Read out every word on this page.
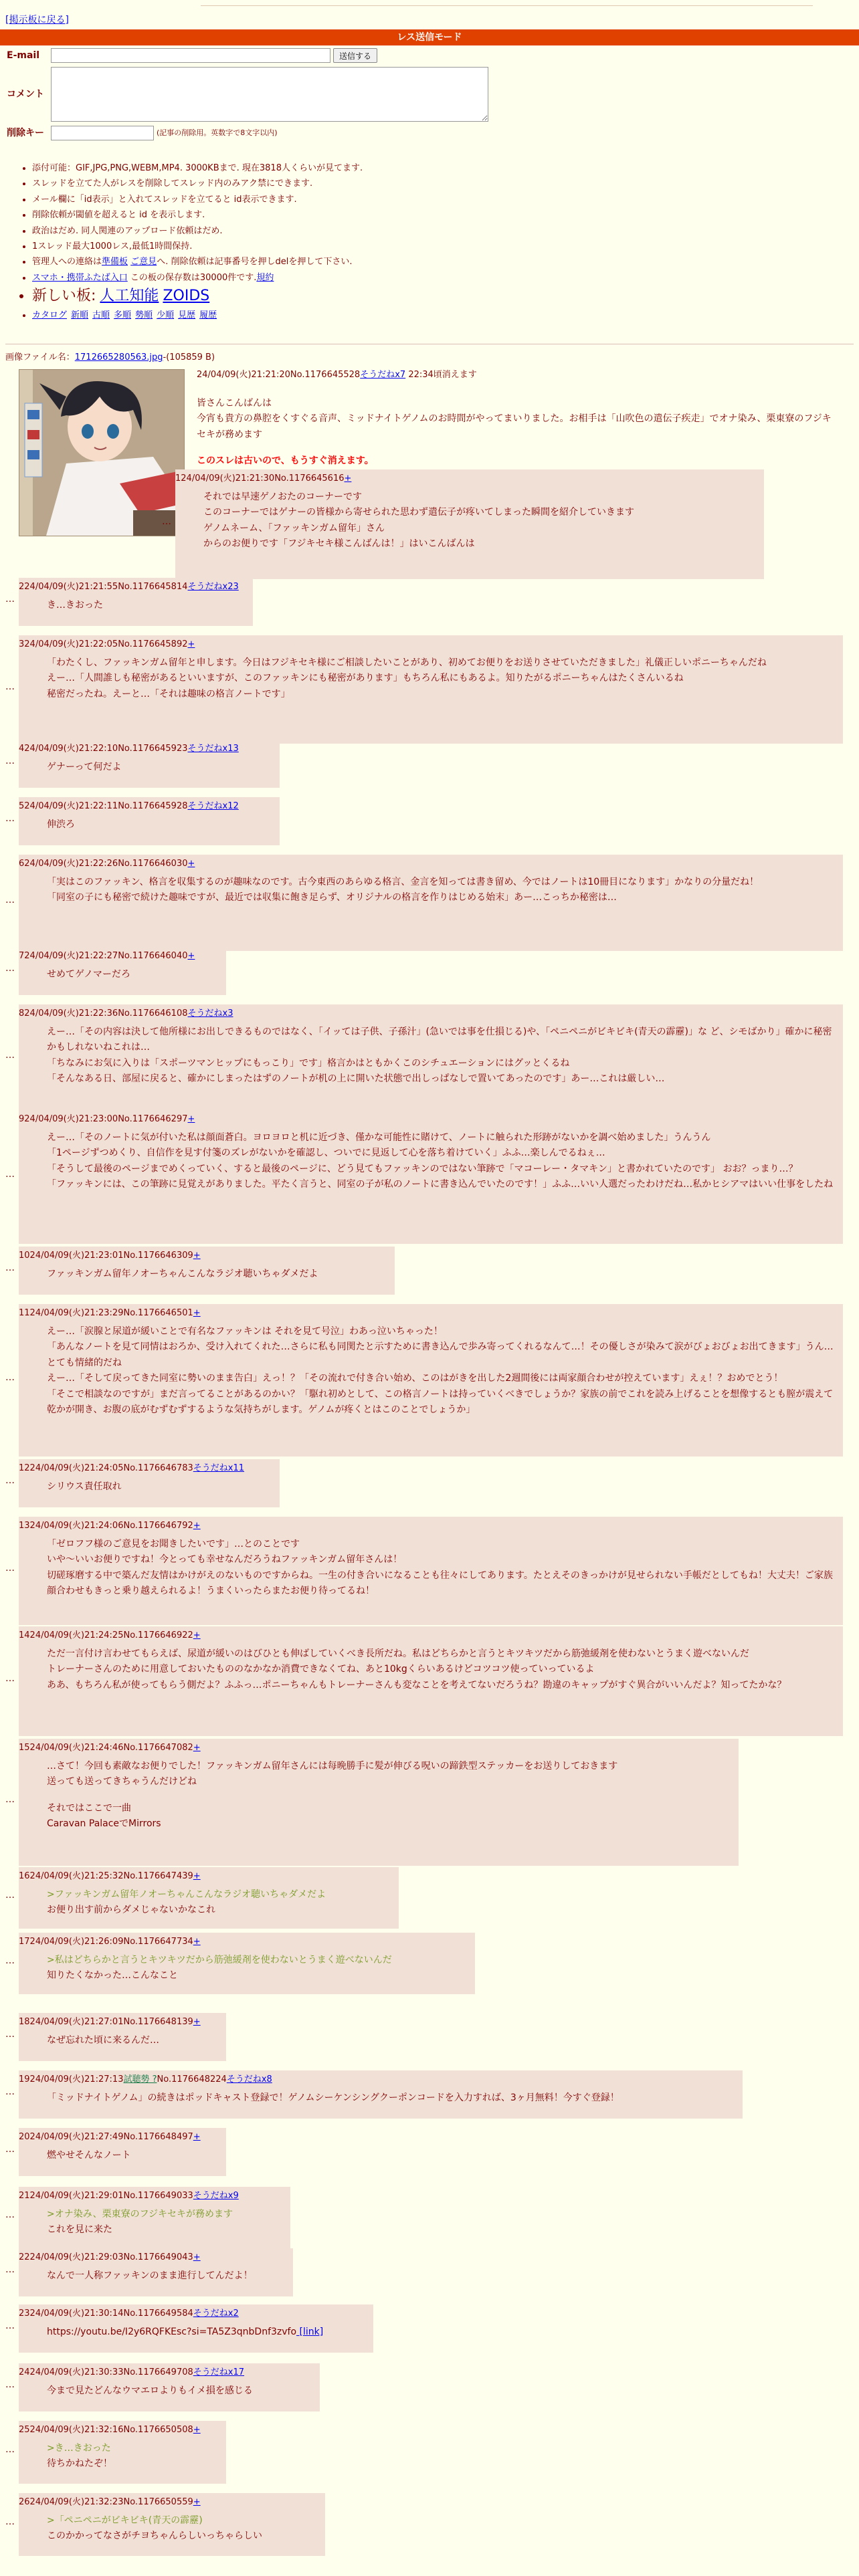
[掲示板に戻る]
レス送信モード
E-mail	送信する
コメント
削除キー	(記事の削除用。英数字で8文字以内)
• 添付可能：GIF,JPG,PNG,WEBM,MP4. 3000KBまで. 現在3818人くらいが見てます.
• スレッドを立てた人がレスを削除してスレッド内のみアク禁にできます.
• メール欄に「id表示」と入れてスレッドを立てると id表示できます.
• 削除依頼が閾値を超えると id を表示します.
• 政治はだめ. 同人関連のアップロード依頼はだめ.
• 1スレッド最大1000レス,最低1時間保持.
• 管理人への連絡は準備板 ご意見へ. 削除依頼は記事番号を押しdelを押して下さい.
• スマホ・携帯ふたば入口 この板の保存数は30000件です.規約
• 新しい板: 人工知能 ZOIDS
• カタログ 新順 古順 多順 勢順 少順 見歴 履歴
画像ファイル名：1712665280563.jpg-(105859 B)
24/04/09(火)21:21:20No.1176645528そうだねx7 22:34頃消えます
皆さんこんばんは
今宵も貴方の鼻腔をくすぐる音声、ミッドナイトゲノムのお時間がやってまいりました。お相手は「山吹色の遣伝子疾走」でオナ染み、栗東寮のフジキセキが務めます
このスレは古いので、もうすぐ消えます。
…
124/04/09(火)21:21:30No.1176645616+
それでは早速ゲノおたのコーナーです
このコーナーではゲナーの皆様から寄せられた思わず遣伝子が疼いてしまった瞬間を紹介していきます
ゲノムネーム、「ファッキンガム留年」さん
からのお便りです「フジキセキ様こんばんは！」はいこんばんは
…
224/04/09(火)21:21:55No.1176645814そうだねx23
き…きおった
…
324/04/09(火)21:22:05No.1176645892+
「わたくし、ファッキンガム留年と申します。今日はフジキセキ様にご相談したいことがあり、初めてお便りをお送りさせていただきました」礼儀正しいポニーちゃんだね
えー…「人間誰しも秘密があるといいますが、このファッキンにも秘密があります」もちろん私にもあるよ。知りたがるポニーちゃんはたくさんいるね
秘密だったね。えーと…「それは趣味の格言ノートです」
…
424/04/09(火)21:22:10No.1176645923そうだねx13
ゲナーって何だよ
…
524/04/09(火)21:22:11No.1176645928そうだねx12
伸渋ろ
…
624/04/09(火)21:22:26No.1176646030+
「実はこのファッキン、格言を収集するのが趣味なのです。古今東西のあらゆる格言、金言を知っては書き留め、今ではノートは10冊目になります」かなりの分量だね！
「同室の子にも秘密で続けた趣味ですが、最近では収集に飽き足らず、オリジナルの格言を作りはじめる始末」あー…こっちか秘密は…
…
724/04/09(火)21:22:27No.1176646040+
せめてゲノマーだろ
…
824/04/09(火)21:22:36No.1176646108そうだねx3
えー…「その内容は決して他所様にお出しできるものではなく、「イッては子供、子孫汁」(急いでは事を仕損じる)や、「ペニペニがビキビキ(青天の霹靂)」な ど、シモばかり」確かに秘密かもしれないねこれは…
「ちなみにお気に入りは「スポーツマンヒップにもっこり」です」格言かはともかくこのシチュエーションにはグッとくるね
「そんなある日、部屋に戻ると、確かにしまったはずのノートが机の上に開いた状態で出しっぱなしで置いてあったのです」あー…これは厳しい…
…
924/04/09(火)21:23:00No.1176646297+
えー…「そのノートに気が付いた私は顔面蒼白。ヨロヨロと机に近づき、僅かな可能性に賭けて、ノートに触られた形跡がないかを調べ始めました」うんうん
「1ページずつめくり、自信作を見す付箋のズレがないかを確認し、ついでに見返して心を落ち着けていく」ふふ…楽しんでるねぇ…
「そうして最後のページまでめくっていく、すると最後のページに、どう見てもファッキンのではない筆跡で「マコーレー・タマキン」と書かれていたのです」 おお？っまり…？
「ファッキンには、この筆跡に見覚えがありました。平たく言うと、同室の子が私のノートに書き込んでいたのです！」ふふ…いい人選だったわけだね…私かヒシアマはいい仕事をしたね
…
1024/04/09(火)21:23:01No.1176646309+
ファッキンガム留年ノオーちゃんこんなラジオ聴いちゃダメだよ
…
1124/04/09(火)21:23:29No.1176646501+
えー…「涙腺と尿道が緩いことで有名なファッキンは それを見て号泣」わあっ泣いちゃった！
「あんなノートを見て同情はおろか、受け入れてくれた…さらに私も同関たと示すために書き込んで歩み寄ってくれるなんて…！その優しさが染みて涙がびょおびょお出てきます」うん…とても情緒的だね
えー…「そして戻ってきた同室に勢いのまま告白」えっ！？「その流れで付き合い始め、このはがきを出した2週間後には両家顔合わせが控えています」えぇ！？おめでとう！
「そこで相談なのですが」まだ言ってることがあるのかい？「駆れ初めとして、この格言ノートは持っていくべきでしょうか？家族の前でこれを読み上げることを想像するとも膣が震えて乾かが開き、お腹の底がむずむずするような気持ちがします。ゲノムが疼くとはこのことでしょうか」
…
1224/04/09(火)21:24:05No.1176646783そうだねx11
シリウス責任取れ
…
1324/04/09(火)21:24:06No.1176646792+
「ゼロフフ様のご意見をお聞きしたいです」…とのことです
いや～いいお便りですね！今とっても幸せなんだろうねファッキンガム留年さんは！
切磋琢磨する中で築んだ友情はかけがえのないものですからね。一生の付き合いになることも往々にしてあります。たとえそのきっかけが見せられない手帳だとしてもね！大丈夫！ご家族顔合わせもきっと乗り越えられるよ！うまくいったらまたお便り待ってるね！
…
1424/04/09(火)21:24:25No.1176646922+
ただ一言付け言わせてもらえば、尿道が緩いのはびひとも伸ばしていくべき長所だね。私はどちらかと言うとキツキツだから筋弛緩剤を使わないとうまく遊べないんだ
トレーナーさんのために用意しておいたもののなかなか消費できなくてね、あと10kgくらいあるけどコツコツ使っていっているよ
ああ、もちろん私が使ってもらう側だよ？ふふっ…ポニーちゃんもトレーナーさんも変なことを考えてないだろうね？勘違のキャップがすぐ異合がいいんだよ？知ってたかな？
…
1524/04/09(火)21:24:46No.1176647082+
…さて！今回も素敵なお便りでした！ファッキンガム留年さんには每晩勝手に髪が伸びる呪いの蹄鉄型ステッカーをお送りしておきます
送っても送ってきちゃうんだけどね
それではここで一曲
Caravan PalaceでMirrors
…
1624/04/09(火)21:25:32No.1176647439+
>ファッキンガム留年ノオーちゃんこんなラジオ聴いちゃダメだよ
お便り出す前からダメじゃないかなこれ
…
1724/04/09(火)21:26:09No.1176647734+
>私はどちらかと言うとキツキツだから筋弛緩剤を使わないとうまく遊べないんだ
知りたくなかった…こんなこと
…
1824/04/09(火)21:27:01No.1176648139+
なぜ忘れた頃に来るんだ…
…
1924/04/09(火)21:27:13試聴勢 ?No.1176648224そうだねx8
「ミッドナイトゲノム」の続きはポッドキャスト登録で！ゲノムシーケンシングクーポンコードを入力すれば、3ヶ月無料！今すぐ登録！
…
2024/04/09(火)21:27:49No.1176648497+
燃やせそんなノート
…
2124/04/09(火)21:29:01No.1176649033そうだねx9
>オナ染み、栗東寮のフジキセキが務めます
これを見に来た
…
2224/04/09(火)21:29:03No.1176649043+
なんで一人称ファッキンのまま進行してんだよ！
…
2324/04/09(火)21:30:14No.1176649584そうだねx2
https://youtu.be/I2y6RQFKEsc?si=TA5Z3qnbDnf3zvfo [link]
…
2424/04/09(火)21:30:33No.1176649708そうだねx17
今まで見たどんなウマエロよりもイメ損を感じる
…
2524/04/09(火)21:32:16No.1176650508+
>き…きおった
待ちかねたぞ！
…
2624/04/09(火)21:32:23No.1176650559+
>「ペニペニがビキビキ(青天の霹靂)
このかかってなさがチヨちゃんらしいっちゃらしい
